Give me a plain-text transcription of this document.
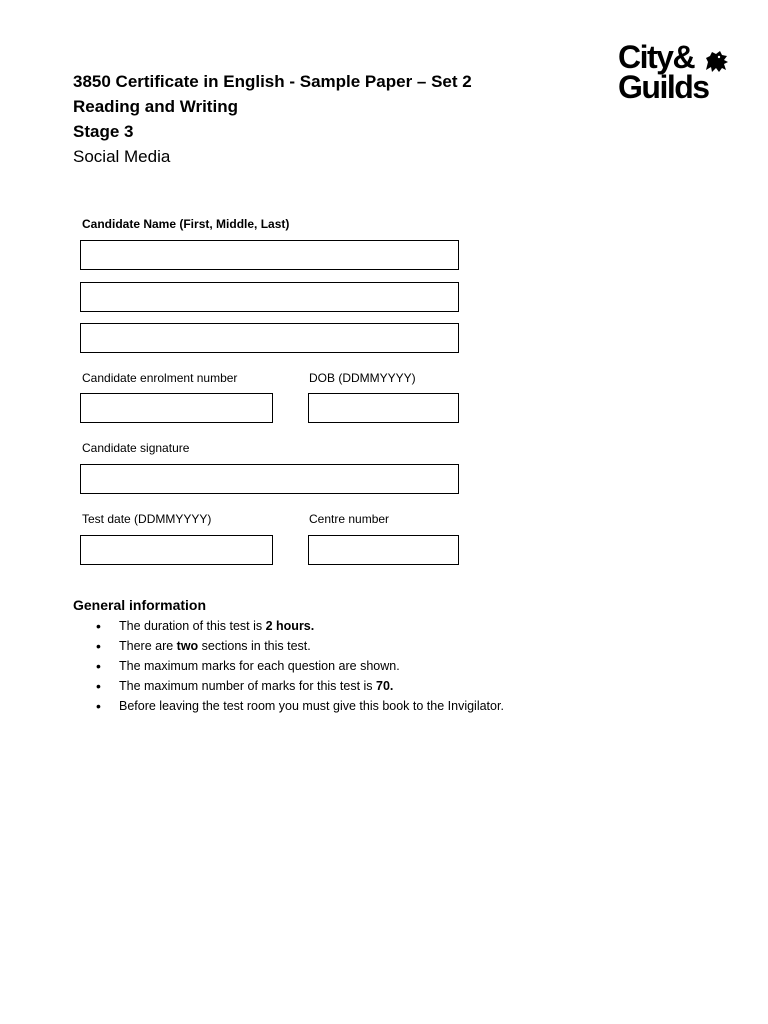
3850 Certificate in English - Sample Paper – Set 2
Reading and Writing
Stage 3
Social Media
City&
Guilds
Candidate Name (First, Middle, Last)
Candidate enrolment number	DOB (DDMMYYYY)
Candidate signature
Test date (DDMMYYYY)	Centre number
General information
• The duration of this test is 2 hours.
• There are two sections in this test.
• The maximum marks for each question are shown.
• The maximum number of marks for this test is 70.
• Before leaving the test room you must give this book to the Invigilator.
